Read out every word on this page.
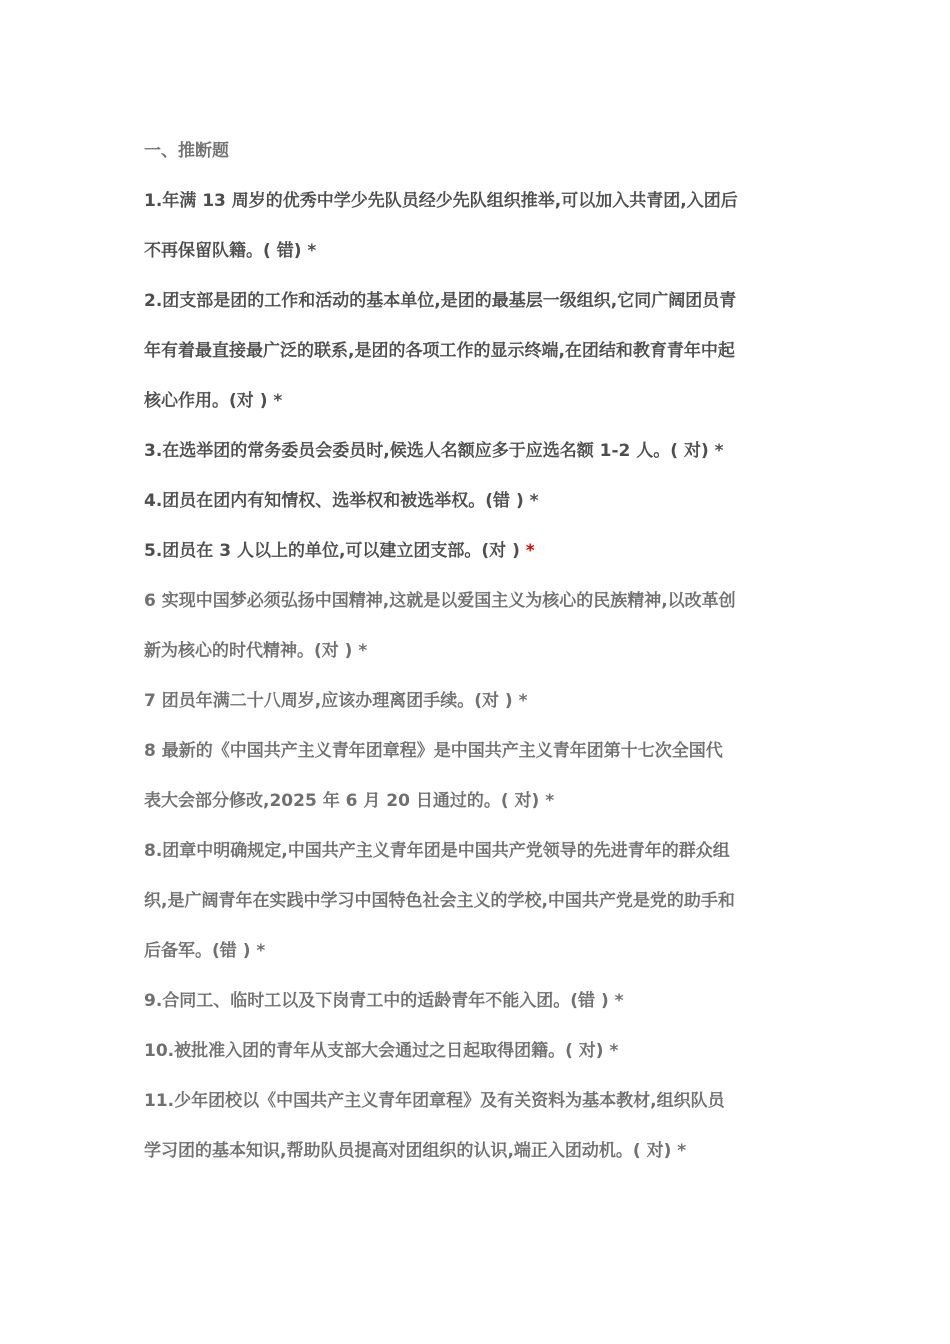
一、推断题
1.年满 13 周岁的优秀中学少先队员经少先队组织推举,可以加入共青团,入团后
不再保留队籍。( 错) *
2.团支部是团的工作和活动的基本单位,是团的最基层一级组织,它同广阔团员青
年有着最直接最广泛的联系,是团的各项工作的显示终端,在团结和教育青年中起
核心作用。(对 ) *
3.在选举团的常务委员会委员时,候选人名额应多于应选名额 1-2 人。( 对) *
4.团员在团内有知情权、选举权和被选举权。(错 ) *
5.团员在 3 人以上的单位,可以建立团支部。(对 ) *
6 实现中国梦必须弘扬中国精神,这就是以爱国主义为核心的民族精神,以改革创
新为核心的时代精神。(对 ) *
7 团员年满二十八周岁,应该办理离团手续。(对 ) *
8 最新的《中国共产主义青年团章程》是中国共产主义青年团第十七次全国代
表大会部分修改,2025 年 6 月 20 日通过的。( 对) *
8.团章中明确规定,中国共产主义青年团是中国共产党领导的先进青年的群众组
织,是广阔青年在实践中学习中国特色社会主义的学校,中国共产党是党的助手和
后备军。(错 ) *
9.合同工、临时工以及下岗青工中的适龄青年不能入团。(错 ) *
10.被批准入团的青年从支部大会通过之日起取得团籍。( 对) *
11.少年团校以《中国共产主义青年团章程》及有关资料为基本教材,组织队员
学习团的基本知识,帮助队员提高对团组织的认识,端正入团动机。( 对) *
